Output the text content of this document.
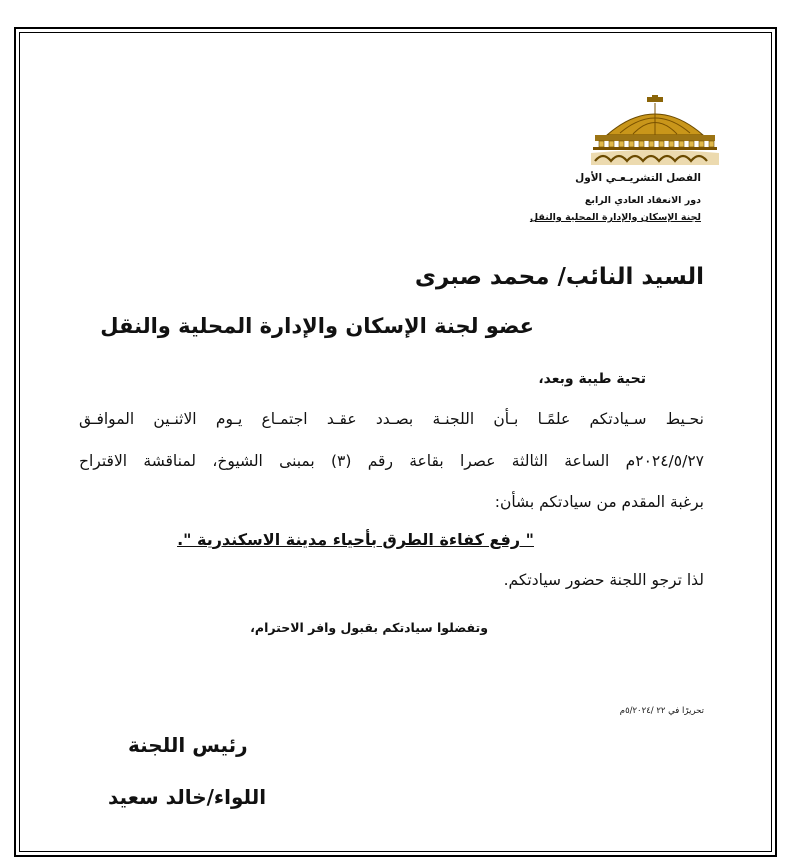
الفصل التشريـعـي الأول
دور الانعقاد العادي الرابع
لجنة الإسكان والإدارة المحلية والنقل
السيد النائب/ محمد صبرى
عضو لجنة الإسكان والإدارة المحلية والنقل
تحية طيبة وبعد،
نحـيط سـيادتكم علمًـا بـأن اللجنـة بصـدد عقـد اجتمـاع يـوم الاثنـين الموافـق
٢٠٢٤/٥/٢٧م الساعة الثالثة عصرا بقاعة رقم (٣) بمبنى الشيوخ، لمناقشة الاقتراح
برغبة المقدم من سيادتكم بشأن:
" رفع كفاءة الطرق بأحياء مدينة الاسكندرية ".
لذا ترجو اللجنة حضور سيادتكم.
وتفضلوا سيادتكم بقبول وافر الاحترام،
تحريرًا في ٢٢ /٥/٢٠٢٤م
رئيس اللجنة
اللواء/خالد سعيد
